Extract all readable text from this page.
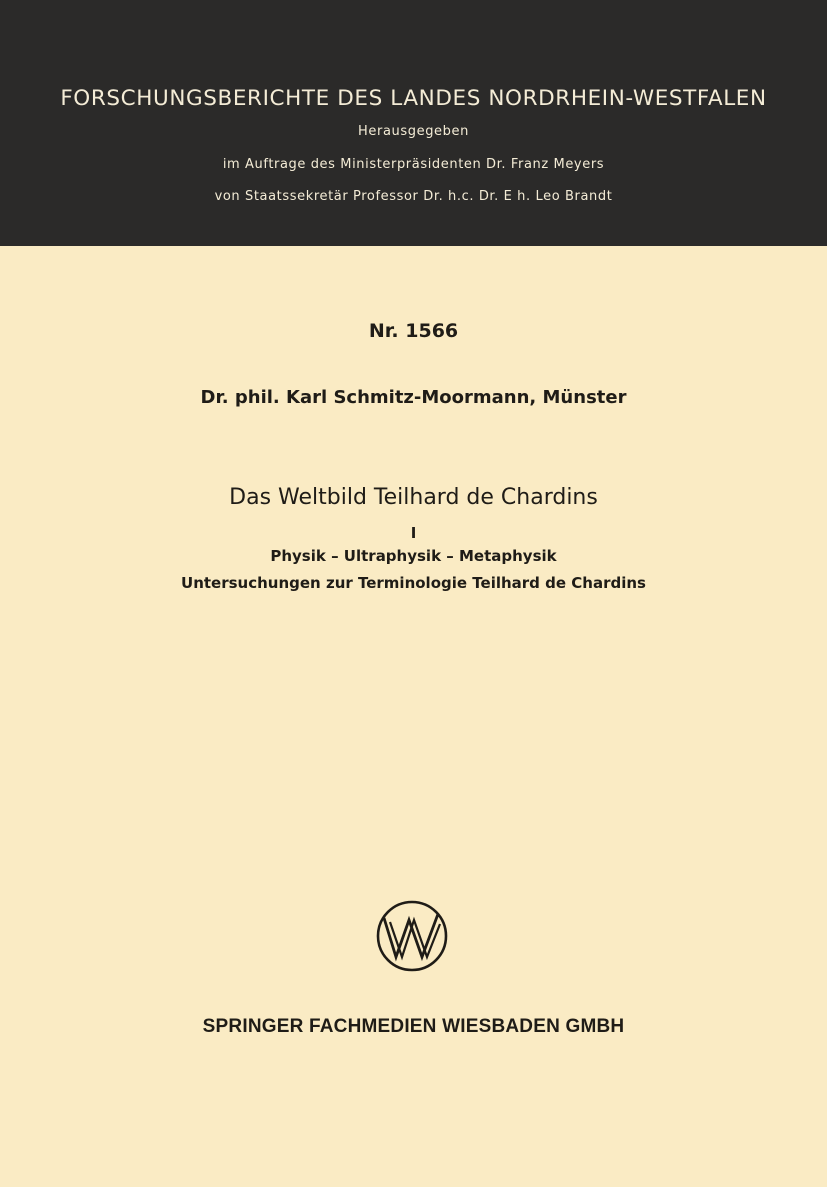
FORSCHUNGSBERICHTE DES LANDES NORDRHEIN-WESTFALEN
Herausgegeben
im Auftrage des Ministerpräsidenten Dr. Franz Meyers
von Staatssekretär Professor Dr. h.c. Dr. E h. Leo Brandt
Nr. 1566
Dr. phil. Karl Schmitz-Moormann, Münster
Das Weltbild Teilhard de Chardins
I
Physik – Ultraphysik – Metaphysik
Untersuchungen zur Terminologie Teilhard de Chardins
SPRINGER FACHMEDIEN WIESBADEN GMBH
